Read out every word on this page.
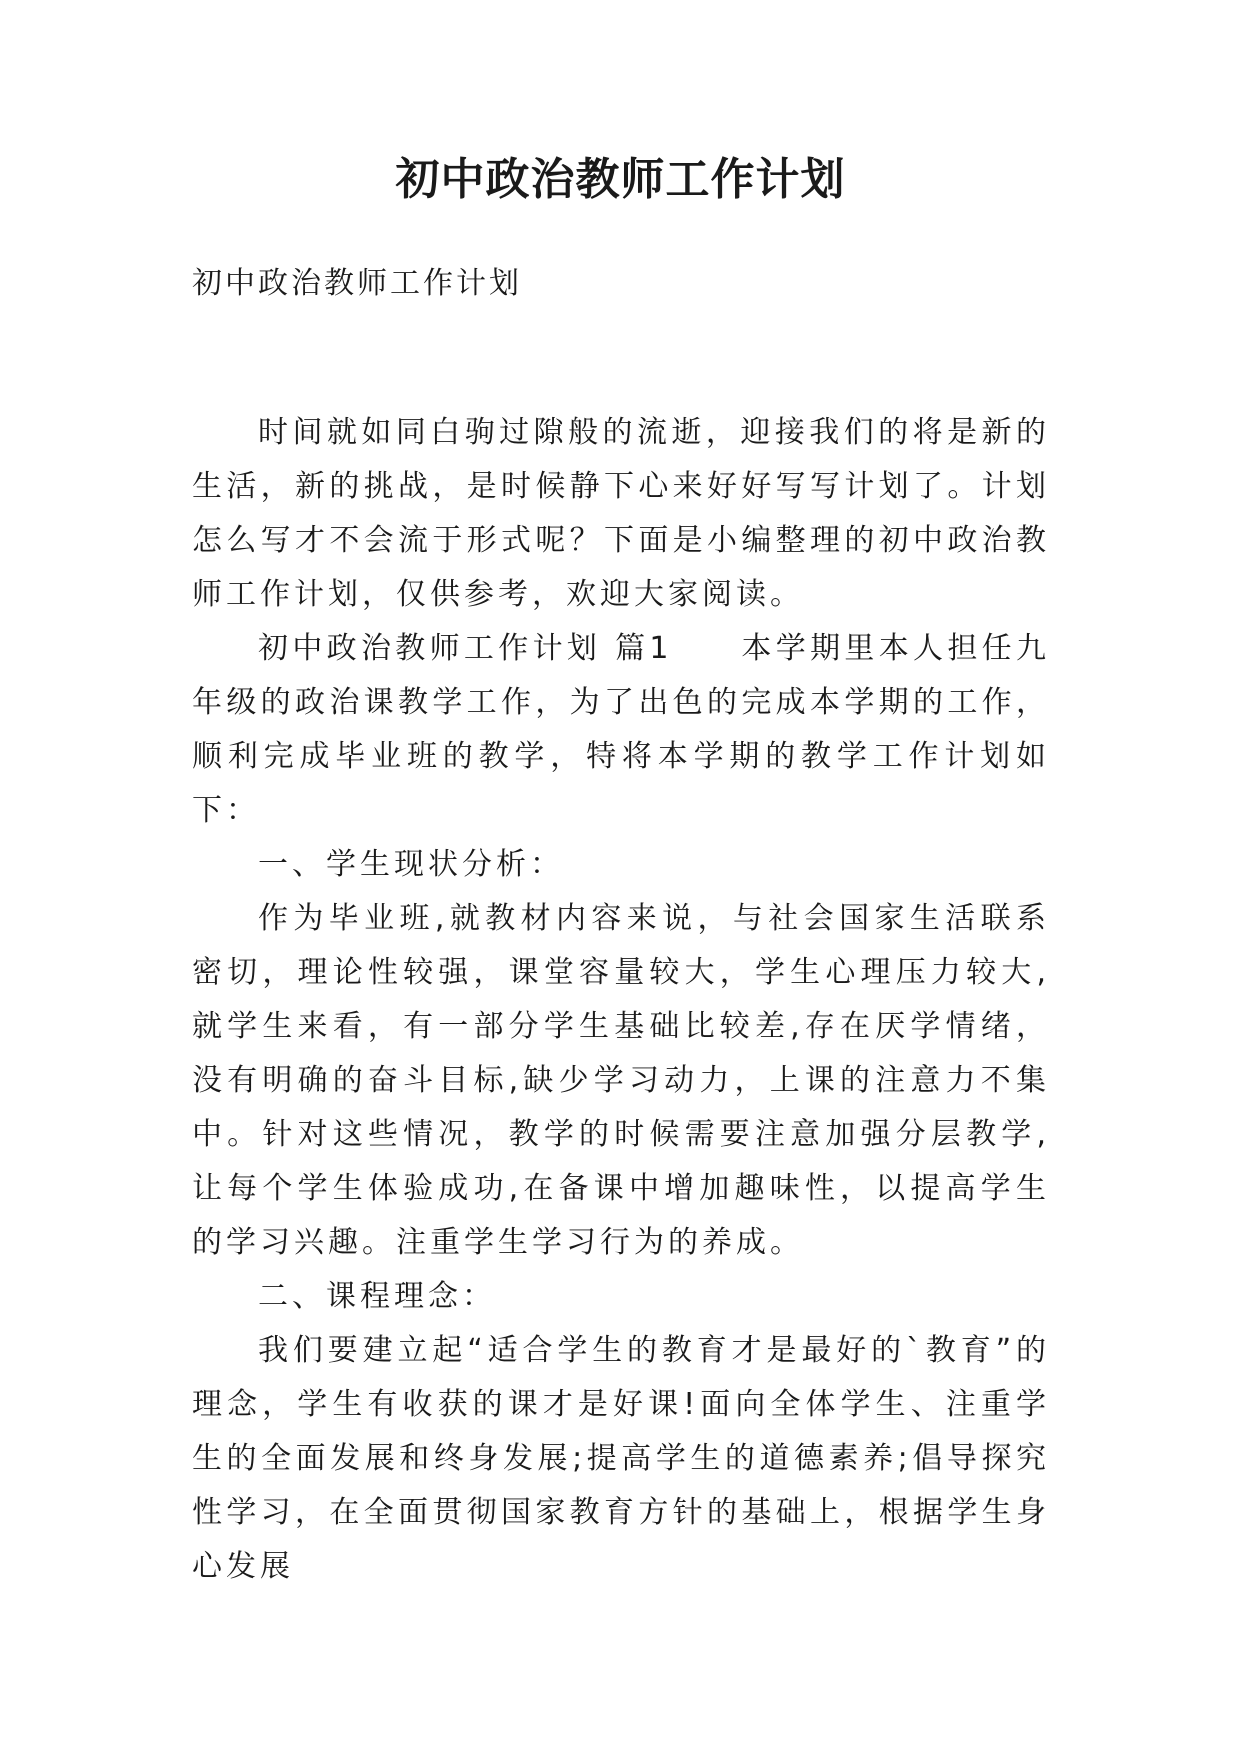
初中政治教师工作计划
初中政治教师工作计划

时间就如同白驹过隙般的流逝，迎接我们的将是新的生活，新的挑战，是时候静下心来好好写写计划了。计划怎么写才不会流于形式呢？下面是小编整理的初中政治教师工作计划，仅供参考，欢迎大家阅读。

初中政治教师工作计划 篇1　　本学期里本人担任九年级的政治课教学工作，为了出色的完成本学期的工作，顺利完成毕业班的教学，特将本学期的教学工作计划如下：

一、学生现状分析：

作为毕业班,就教材内容来说，与社会国家生活联系密切，理论性较强，课堂容量较大，学生心理压力较大,就学生来看，有一部分学生基础比较差,存在厌学情绪，没有明确的奋斗目标,缺少学习动力，上课的注意力不集中。针对这些情况，教学的时候需要注意加强分层教学,让每个学生体验成功,在备课中增加趣味性，以提高学生的学习兴趣。注重学生学习行为的养成。

二、课程理念：

我们要建立起“适合学生的教育才是最好的`教育”的理念，学生有收获的课才是好课!面向全体学生、注重学生的全面发展和终身发展;提高学生的道德素养;倡导探究性学习，在全面贯彻国家教育方针的基础上，根据学生身心发展
